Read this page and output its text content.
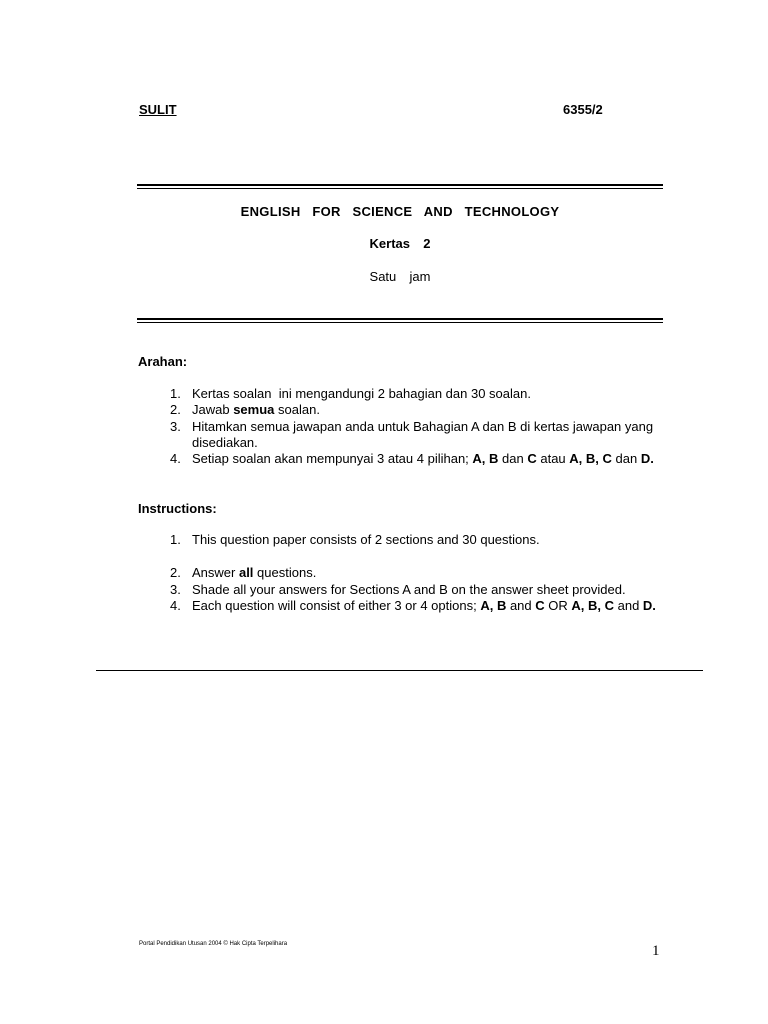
SULIT	6355/2
ENGLISH  FOR  SCIENCE  AND  TECHNOLOGY
Kertas  2
Satu  jam
Arahan:
1. Kertas soalan  ini mengandungi 2 bahagian dan 30 soalan.
2. Jawab semua soalan.
3. Hitamkan semua jawapan anda untuk Bahagian A dan B di kertas jawapan yang disediakan.
4. Setiap soalan akan mempunyai 3 atau 4 pilihan; A, B dan C atau A, B, C dan D.
Instructions:
1. This question paper consists of 2 sections and 30 questions.
2. Answer all questions.
3. Shade all your answers for Sections A and B on the answer sheet provided.
4. Each question will consist of either 3 or 4 options; A, B and C OR A, B, C and D.
Portal Pendidikan Utusan 2004 © Hak Cipta Terpelihara	1
